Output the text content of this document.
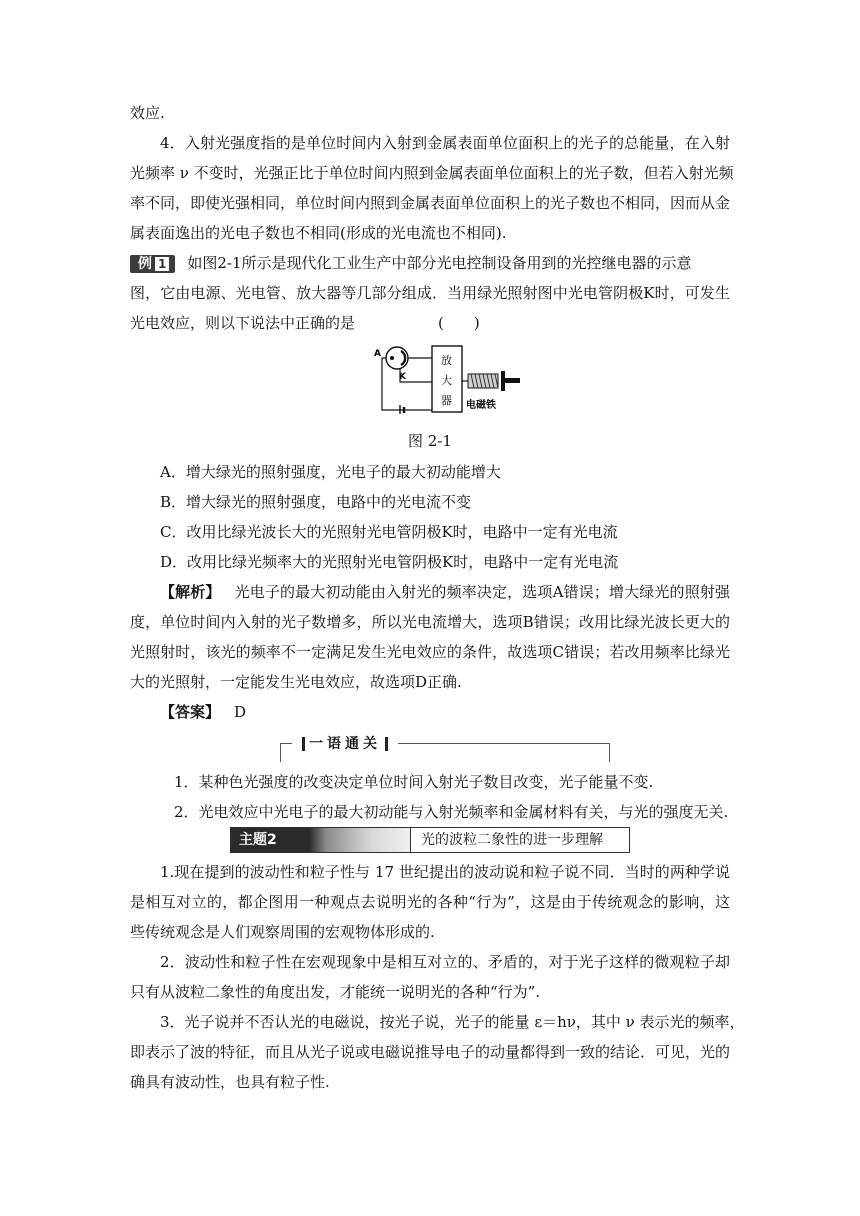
效应.
4．入射光强度指的是单位时间内入射到金属表面单位面积上的光子的总能量，在入射
光频率 ν 不变时，光强正比于单位时间内照到金属表面单位面积上的光子数，但若入射光频
率不同，即使光强相同，单位时间内照到金属表面单位面积上的光子数也不相同，因而从金
属表面逸出的光电子数也不相同(形成的光电流也不相同).
例 1 如图2-1所示是现代化工业生产中部分光电控制设备用到的光控继电器的示意
图，它由电源、光电管、放大器等几部分组成．当用绿光照射图中光电管阴极K时，可发生
光电效应，则以下说法中正确的是	(　　)
A
K
放
大
器 电磁铁
图 2-1
A．增大绿光的照射强度，光电子的最大初动能增大
B．增大绿光的照射强度，电路中的光电流不变
C．改用比绿光波长大的光照射光电管阴极K时，电路中一定有光电流
D．改用比绿光频率大的光照射光电管阴极K时，电路中一定有光电流
【解析】 光电子的最大初动能由入射光的频率决定，选项A错误；增大绿光的照射强
度，单位时间内入射的光子数增多，所以光电流增大，选项B错误；改用比绿光波长更大的
光照射时，该光的频率不一定满足发生光电效应的条件，故选项C错误；若改用频率比绿光
大的光照射，一定能发生光电效应，故选项D正确.
【答案】 D
一语通关
1．某种色光强度的改变决定单位时间入射光子数目改变，光子能量不变.
2．光电效应中光电子的最大初动能与入射光频率和金属材料有关，与光的强度无关.
主题2	光的波粒二象性的进一步理解
1.现在提到的波动性和粒子性与 17 世纪提出的波动说和粒子说不同．当时的两种学说
是相互对立的，都企图用一种观点去说明光的各种“行为”，这是由于传统观念的影响，这
些传统观念是人们观察周围的宏观物体形成的.
2．波动性和粒子性在宏观现象中是相互对立的、矛盾的，对于光子这样的微观粒子却
只有从波粒二象性的角度出发，才能统一说明光的各种“行为”.
3．光子说并不否认光的电磁说，按光子说，光子的能量 ε＝hν，其中 ν 表示光的频率，
即表示了波的特征，而且从光子说或电磁说推导电子的动量都得到一致的结论．可见，光的
确具有波动性，也具有粒子性.
